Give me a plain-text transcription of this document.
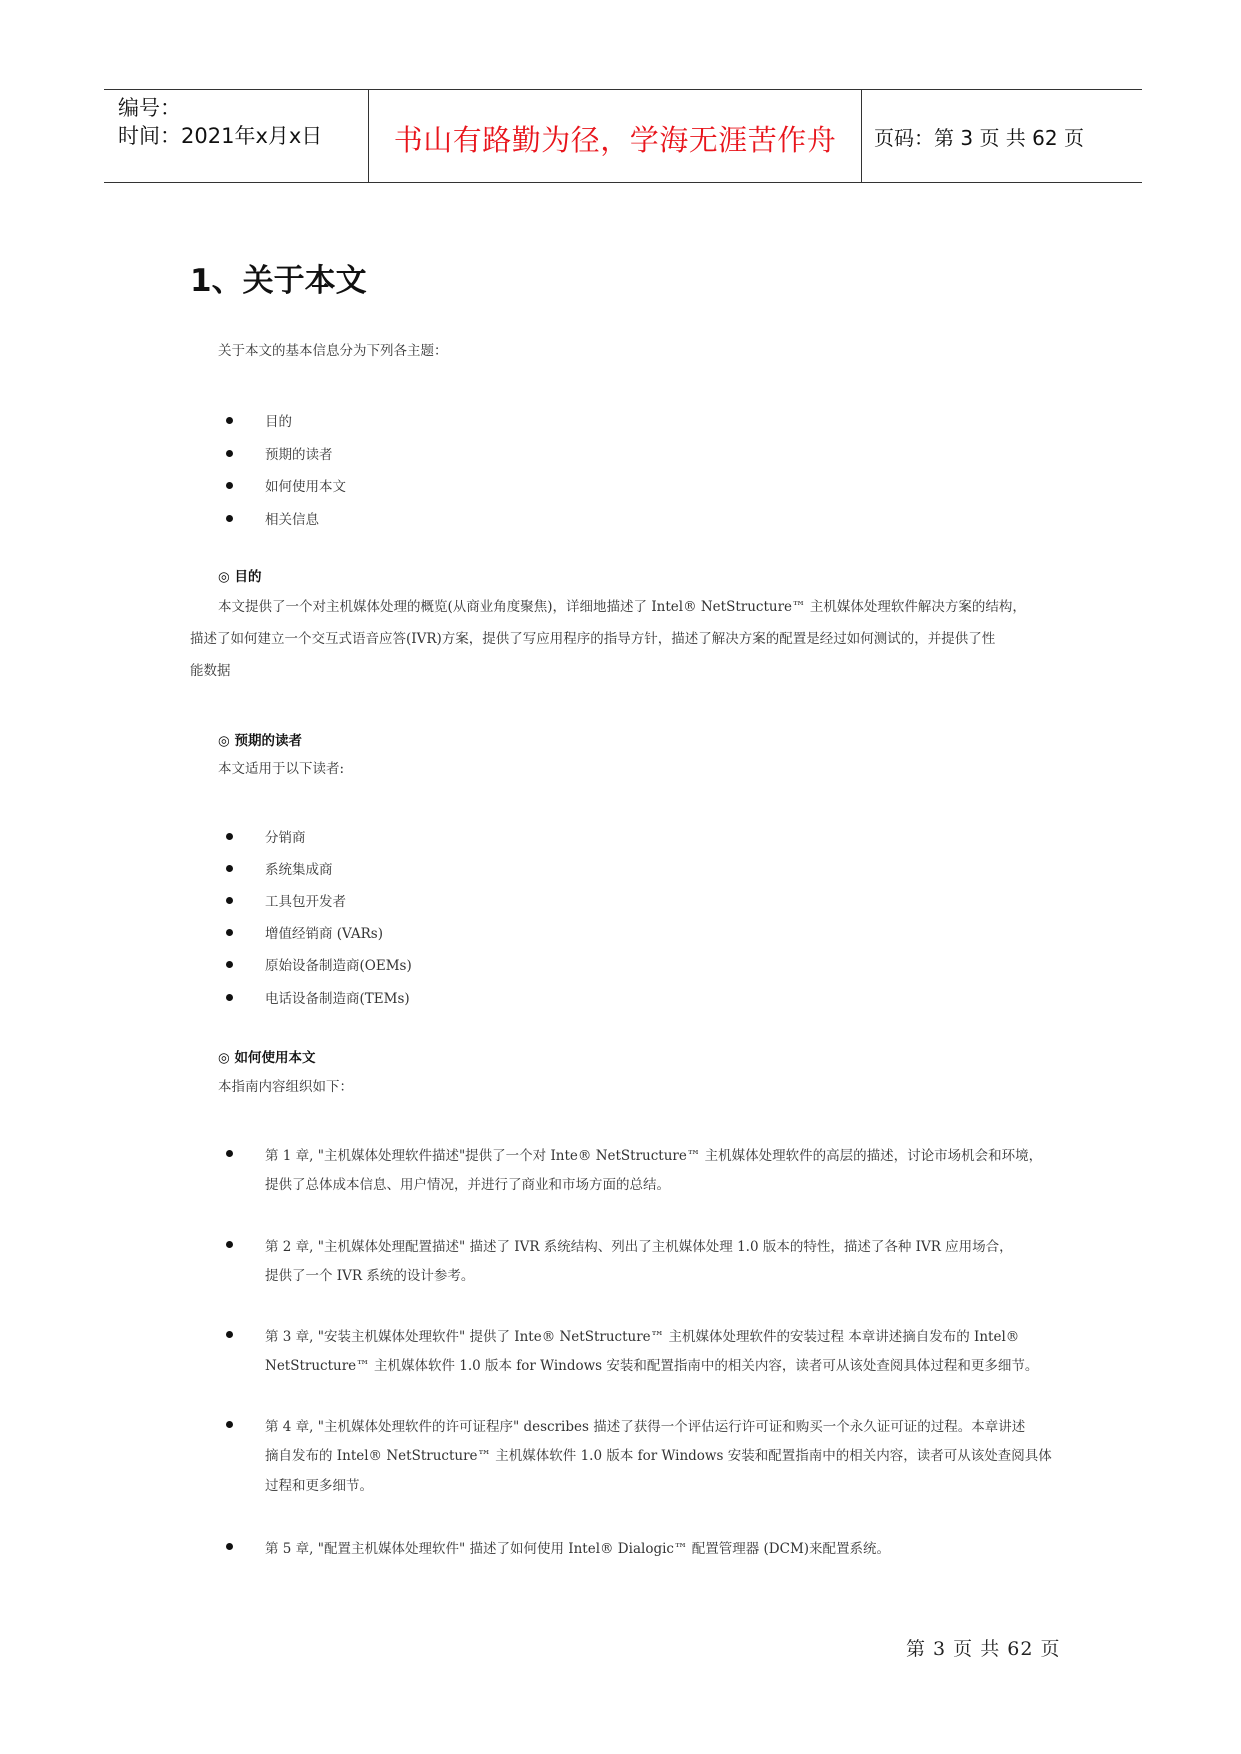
编号：
时间：2021年x月x日	书山有路勤为径，学海无涯苦作舟	页码：第 3 页 共 62 页
1、关于本文
关于本文的基本信息分为下列各主题：
目的
预期的读者
如何使用本文
相关信息
◎ 目的
本文提供了一个对主机媒体处理的概览(从商业角度聚焦)，详细地描述了 Intel® NetStructure™ 主机媒体处理软件解决方案的结构，
描述了如何建立一个交互式语音应答(IVR)方案，提供了写应用程序的指导方针，描述了解决方案的配置是经过如何测试的，并提供了性
能数据
◎ 预期的读者
本文适用于以下读者:
分销商
系统集成商
工具包开发者
增值经销商 (VARs)
原始设备制造商(OEMs)
电话设备制造商(TEMs)
◎ 如何使用本文
本指南内容组织如下：
第 1 章, "主机媒体处理软件描述"提供了一个对 Inte® NetStructure™ 主机媒体处理软件的高层的描述，讨论市场机会和环境，
提供了总体成本信息、用户情况，并进行了商业和市场方面的总结。
第 2 章, "主机媒体处理配置描述" 描述了 IVR 系统结构、列出了主机媒体处理 1.0 版本的特性，描述了各种 IVR 应用场合，
提供了一个 IVR 系统的设计参考。
第 3 章, "安装主机媒体处理软件" 提供了 Inte® NetStructure™ 主机媒体处理软件的安装过程 本章讲述摘自发布的 Intel®
NetStructure™ 主机媒体软件 1.0 版本 for Windows 安装和配置指南中的相关内容，读者可从该处查阅具体过程和更多细节。
第 4 章, "主机媒体处理软件的许可证程序" describes 描述了获得一个评估运行许可证和购买一个永久证可证的过程。本章讲述
摘自发布的 Intel® NetStructure™ 主机媒体软件 1.0 版本 for Windows 安装和配置指南中的相关内容，读者可从该处查阅具体
过程和更多细节。
第 5 章, "配置主机媒体处理软件" 描述了如何使用 Intel® Dialogic™ 配置管理器 (DCM)来配置系统。
第 3 页 共 62 页
